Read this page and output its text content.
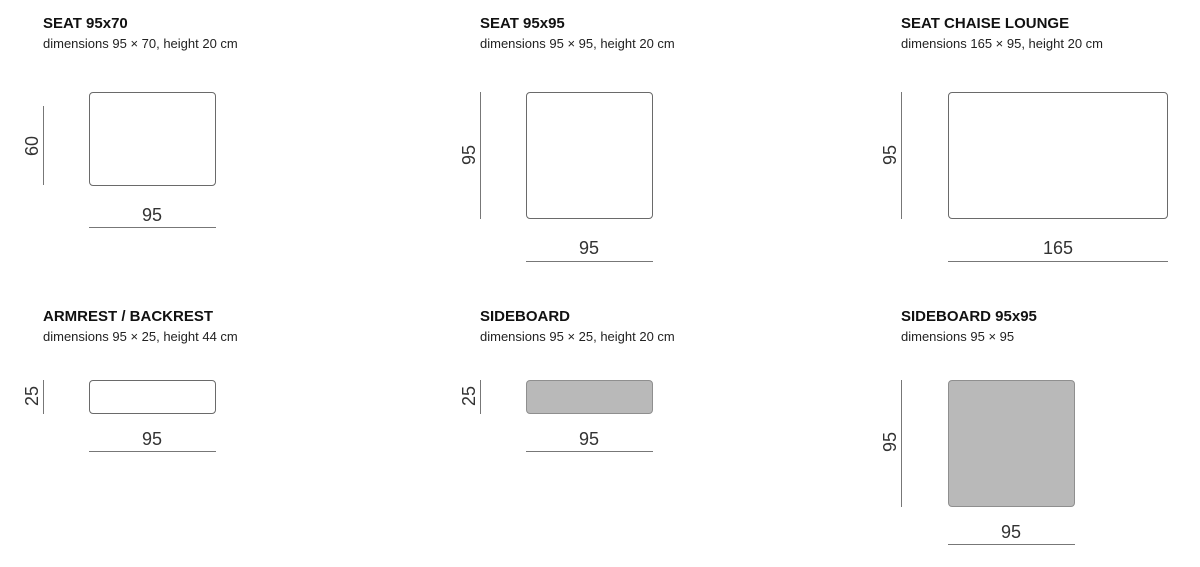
SEAT 95x70
dimensions 95 × 70, height 20 cm
60
95
SEAT 95x95
dimensions 95 × 95, height 20 cm
95
95
SEAT CHAISE LOUNGE
dimensions 165 × 95, height 20 cm
95
165
ARMREST / BACKREST
dimensions 95 × 25, height 44 cm
25
95
SIDEBOARD
dimensions 95 × 25, height 20 cm
25
95
SIDEBOARD 95x95
dimensions 95 × 95
95
95
